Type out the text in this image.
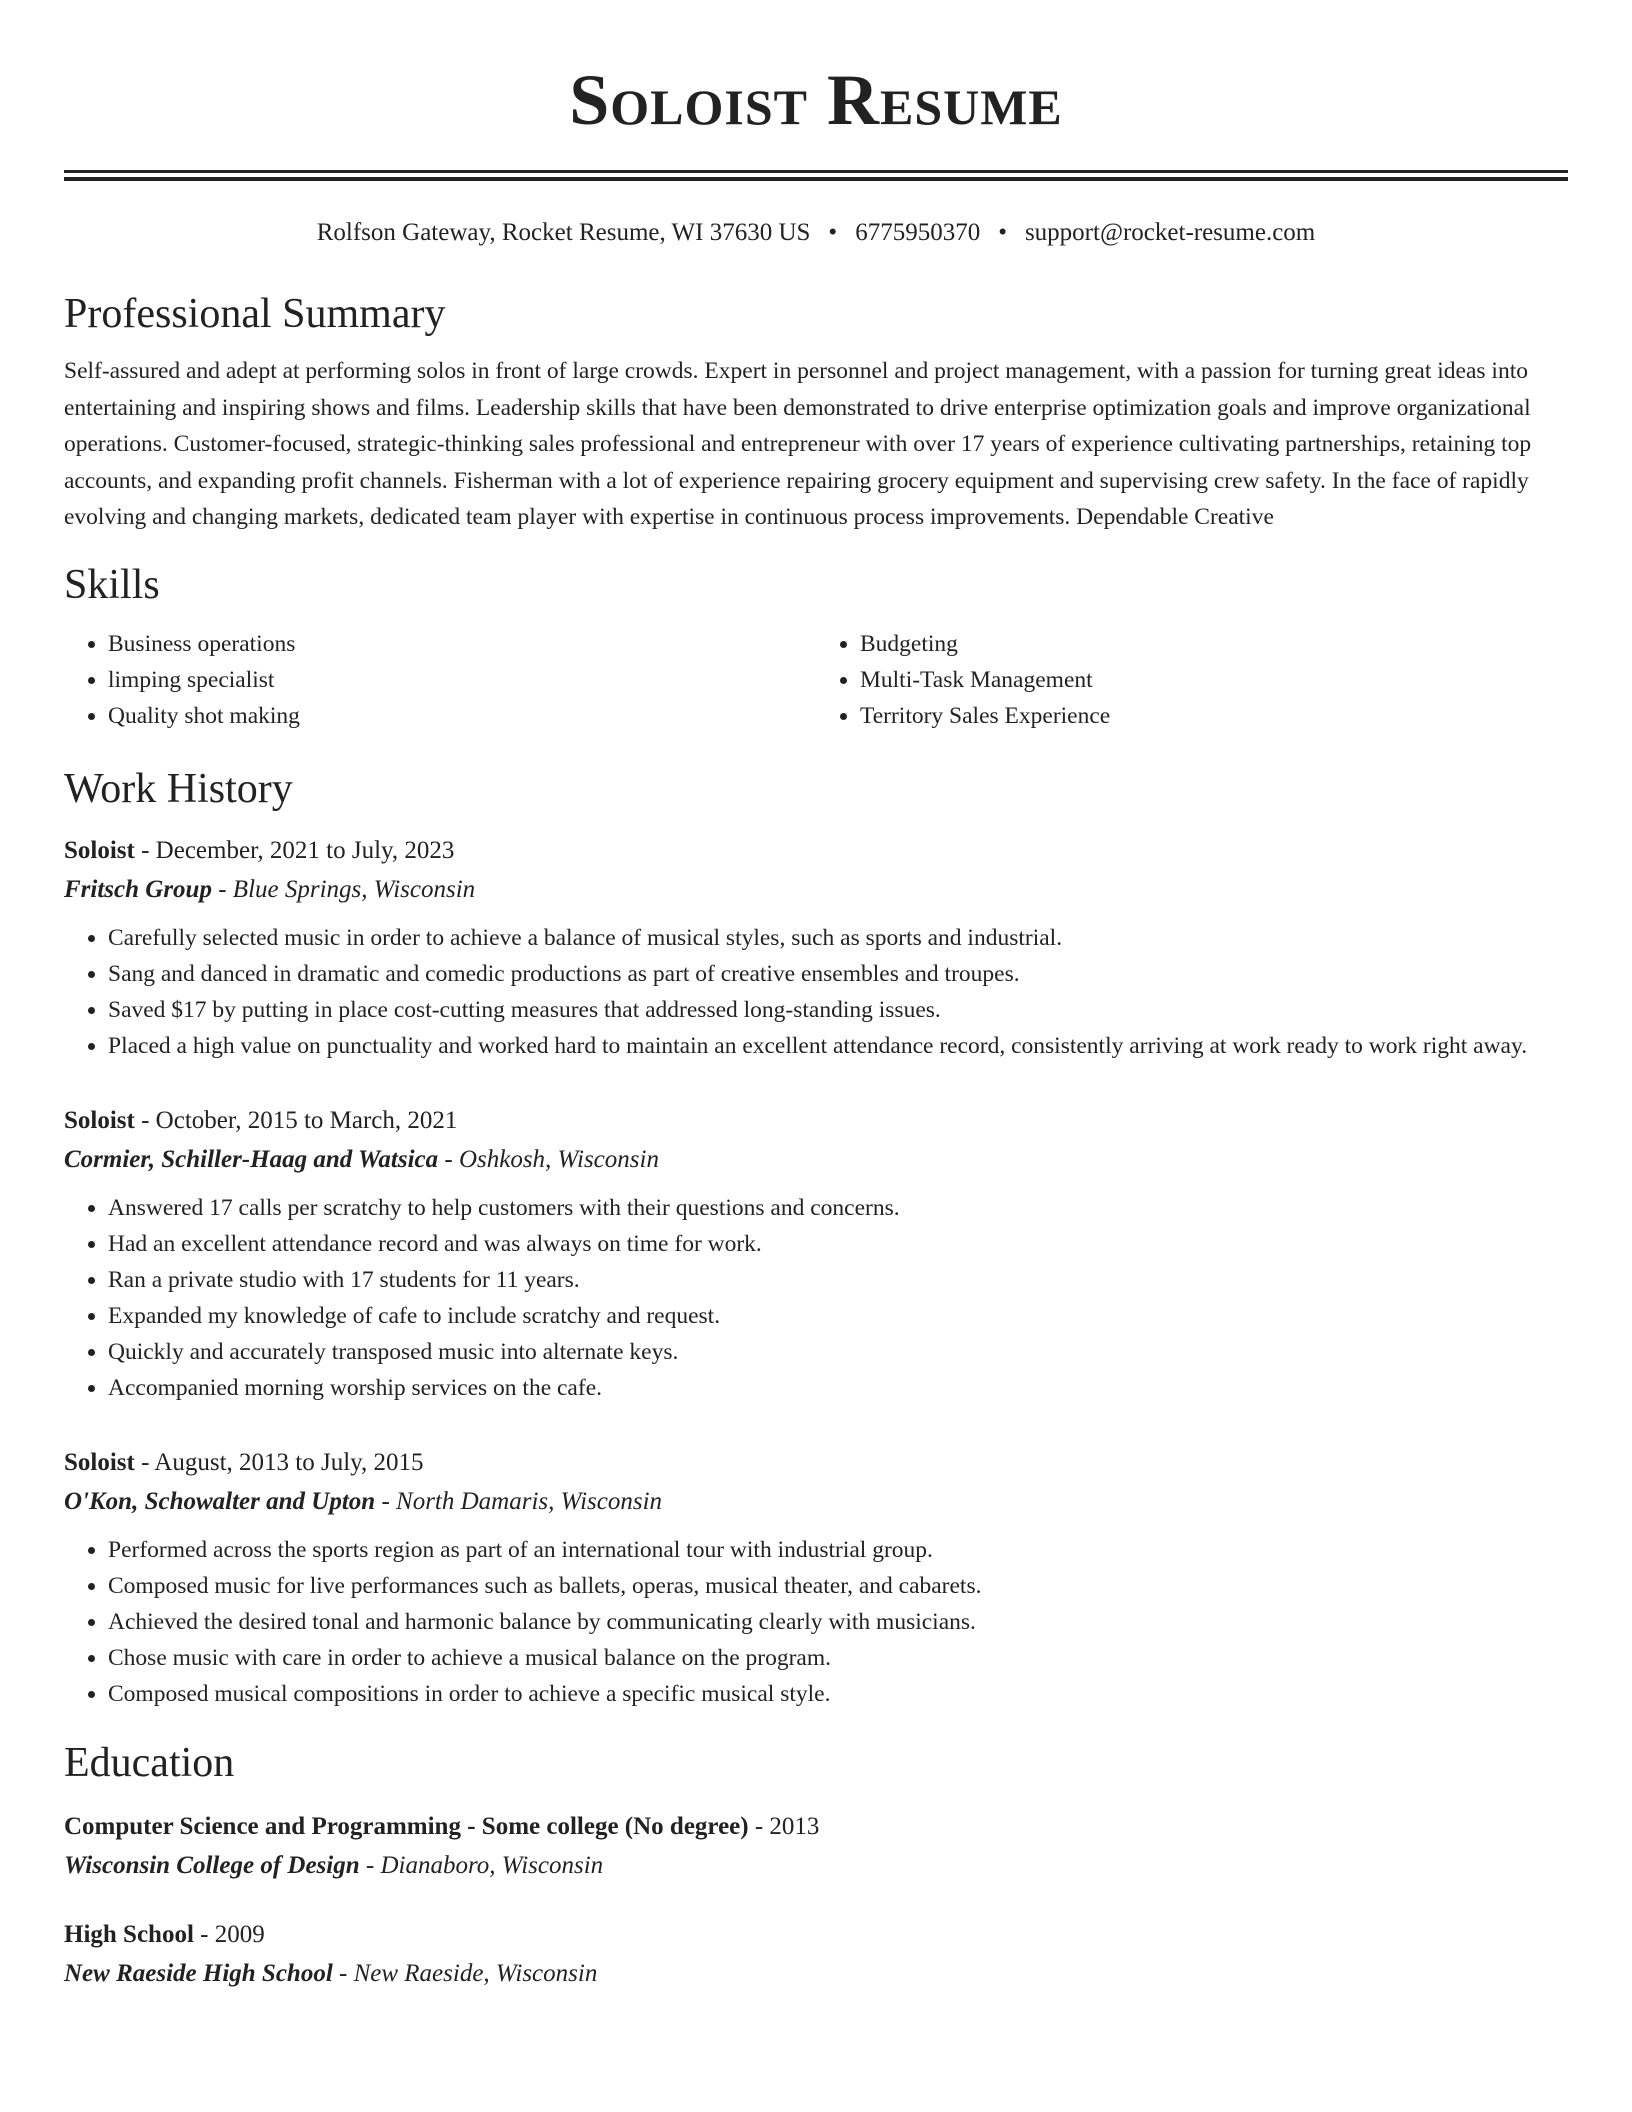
Soloist Resume
Rolfson Gateway, Rocket Resume, WI 37630 US • 6775950370 • support@rocket-resume.com
Professional Summary
Self-assured and adept at performing solos in front of large crowds. Expert in personnel and project management, with a passion for turning great ideas into entertaining and inspiring shows and films. Leadership skills that have been demonstrated to drive enterprise optimization goals and improve organizational operations. Customer-focused, strategic-thinking sales professional and entrepreneur with over 17 years of experience cultivating partnerships, retaining top accounts, and expanding profit channels. Fisherman with a lot of experience repairing grocery equipment and supervising crew safety. In the face of rapidly evolving and changing markets, dedicated team player with expertise in continuous process improvements. Dependable Creative
Skills
• Business operations
• limping specialist
• Quality shot making
• Budgeting
• Multi-Task Management
• Territory Sales Experience
Work History
Soloist - December, 2021 to July, 2023
Fritsch Group - Blue Springs, Wisconsin
• Carefully selected music in order to achieve a balance of musical styles, such as sports and industrial.
• Sang and danced in dramatic and comedic productions as part of creative ensembles and troupes.
• Saved $17 by putting in place cost-cutting measures that addressed long-standing issues.
• Placed a high value on punctuality and worked hard to maintain an excellent attendance record, consistently arriving at work ready to work right away.
Soloist - October, 2015 to March, 2021
Cormier, Schiller-Haag and Watsica - Oshkosh, Wisconsin
• Answered 17 calls per scratchy to help customers with their questions and concerns.
• Had an excellent attendance record and was always on time for work.
• Ran a private studio with 17 students for 11 years.
• Expanded my knowledge of cafe to include scratchy and request.
• Quickly and accurately transposed music into alternate keys.
• Accompanied morning worship services on the cafe.
Soloist - August, 2013 to July, 2015
O'Kon, Schowalter and Upton - North Damaris, Wisconsin
• Performed across the sports region as part of an international tour with industrial group.
• Composed music for live performances such as ballets, operas, musical theater, and cabarets.
• Achieved the desired tonal and harmonic balance by communicating clearly with musicians.
• Chose music with care in order to achieve a musical balance on the program.
• Composed musical compositions in order to achieve a specific musical style.
Education
Computer Science and Programming - Some college (No degree) - 2013
Wisconsin College of Design - Dianaboro, Wisconsin
High School - 2009
New Raeside High School - New Raeside, Wisconsin
